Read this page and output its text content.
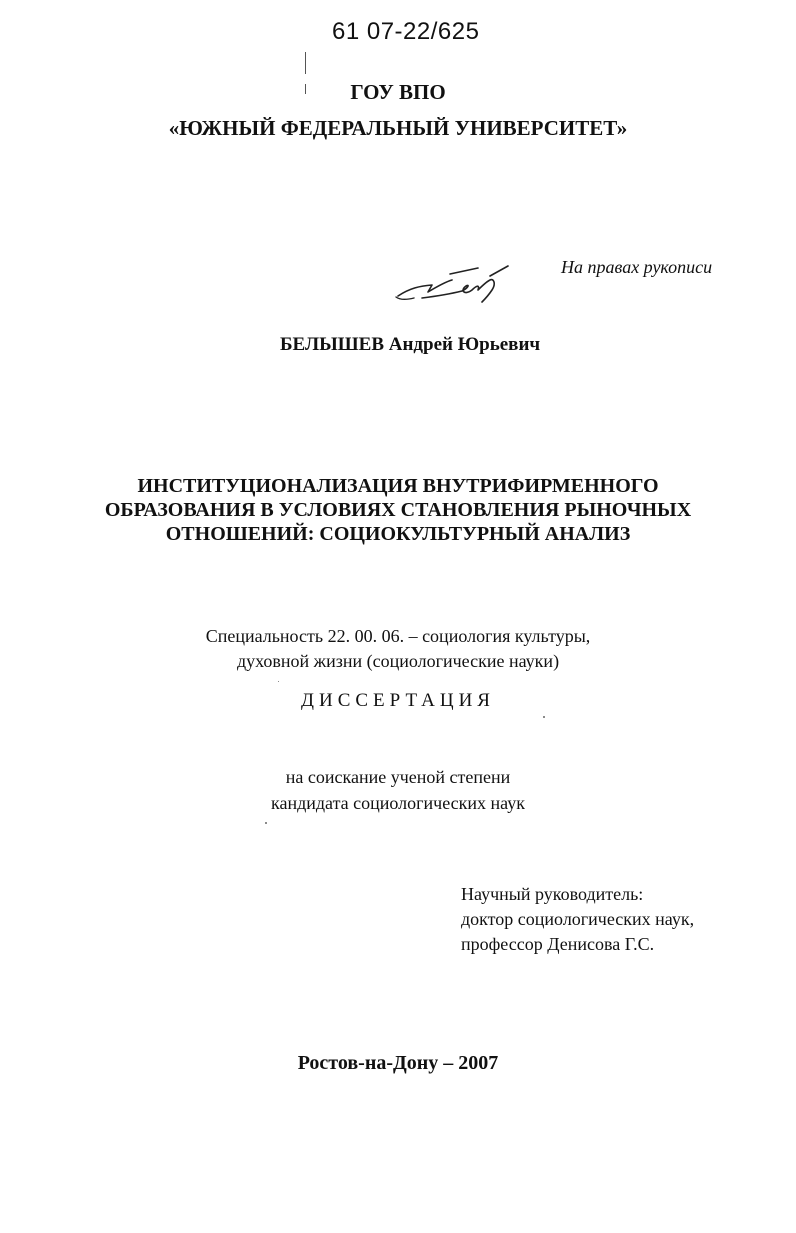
61 07-22/625
ГОУ ВПО
«ЮЖНЫЙ ФЕДЕРАЛЬНЫЙ УНИВЕРСИТЕТ»
На правах рукописи
БЕЛЫШЕВ Андрей Юрьевич
ИНСТИТУЦИОНАЛИЗАЦИЯ ВНУТРИФИРМЕННОГО
ОБРАЗОВАНИЯ В УСЛОВИЯХ СТАНОВЛЕНИЯ РЫНОЧНЫХ
ОТНОШЕНИЙ: СОЦИОКУЛЬТУРНЫЙ АНАЛИЗ
Специальность 22. 00. 06. – социология культуры,
духовной жизни (социологические науки)
ДИССЕРТАЦИЯ
на соискание ученой степени
кандидата социологических наук
Научный руководитель:
доктор социологических наук,
профессор Денисова Г.С.
Ростов-на-Дону – 2007
